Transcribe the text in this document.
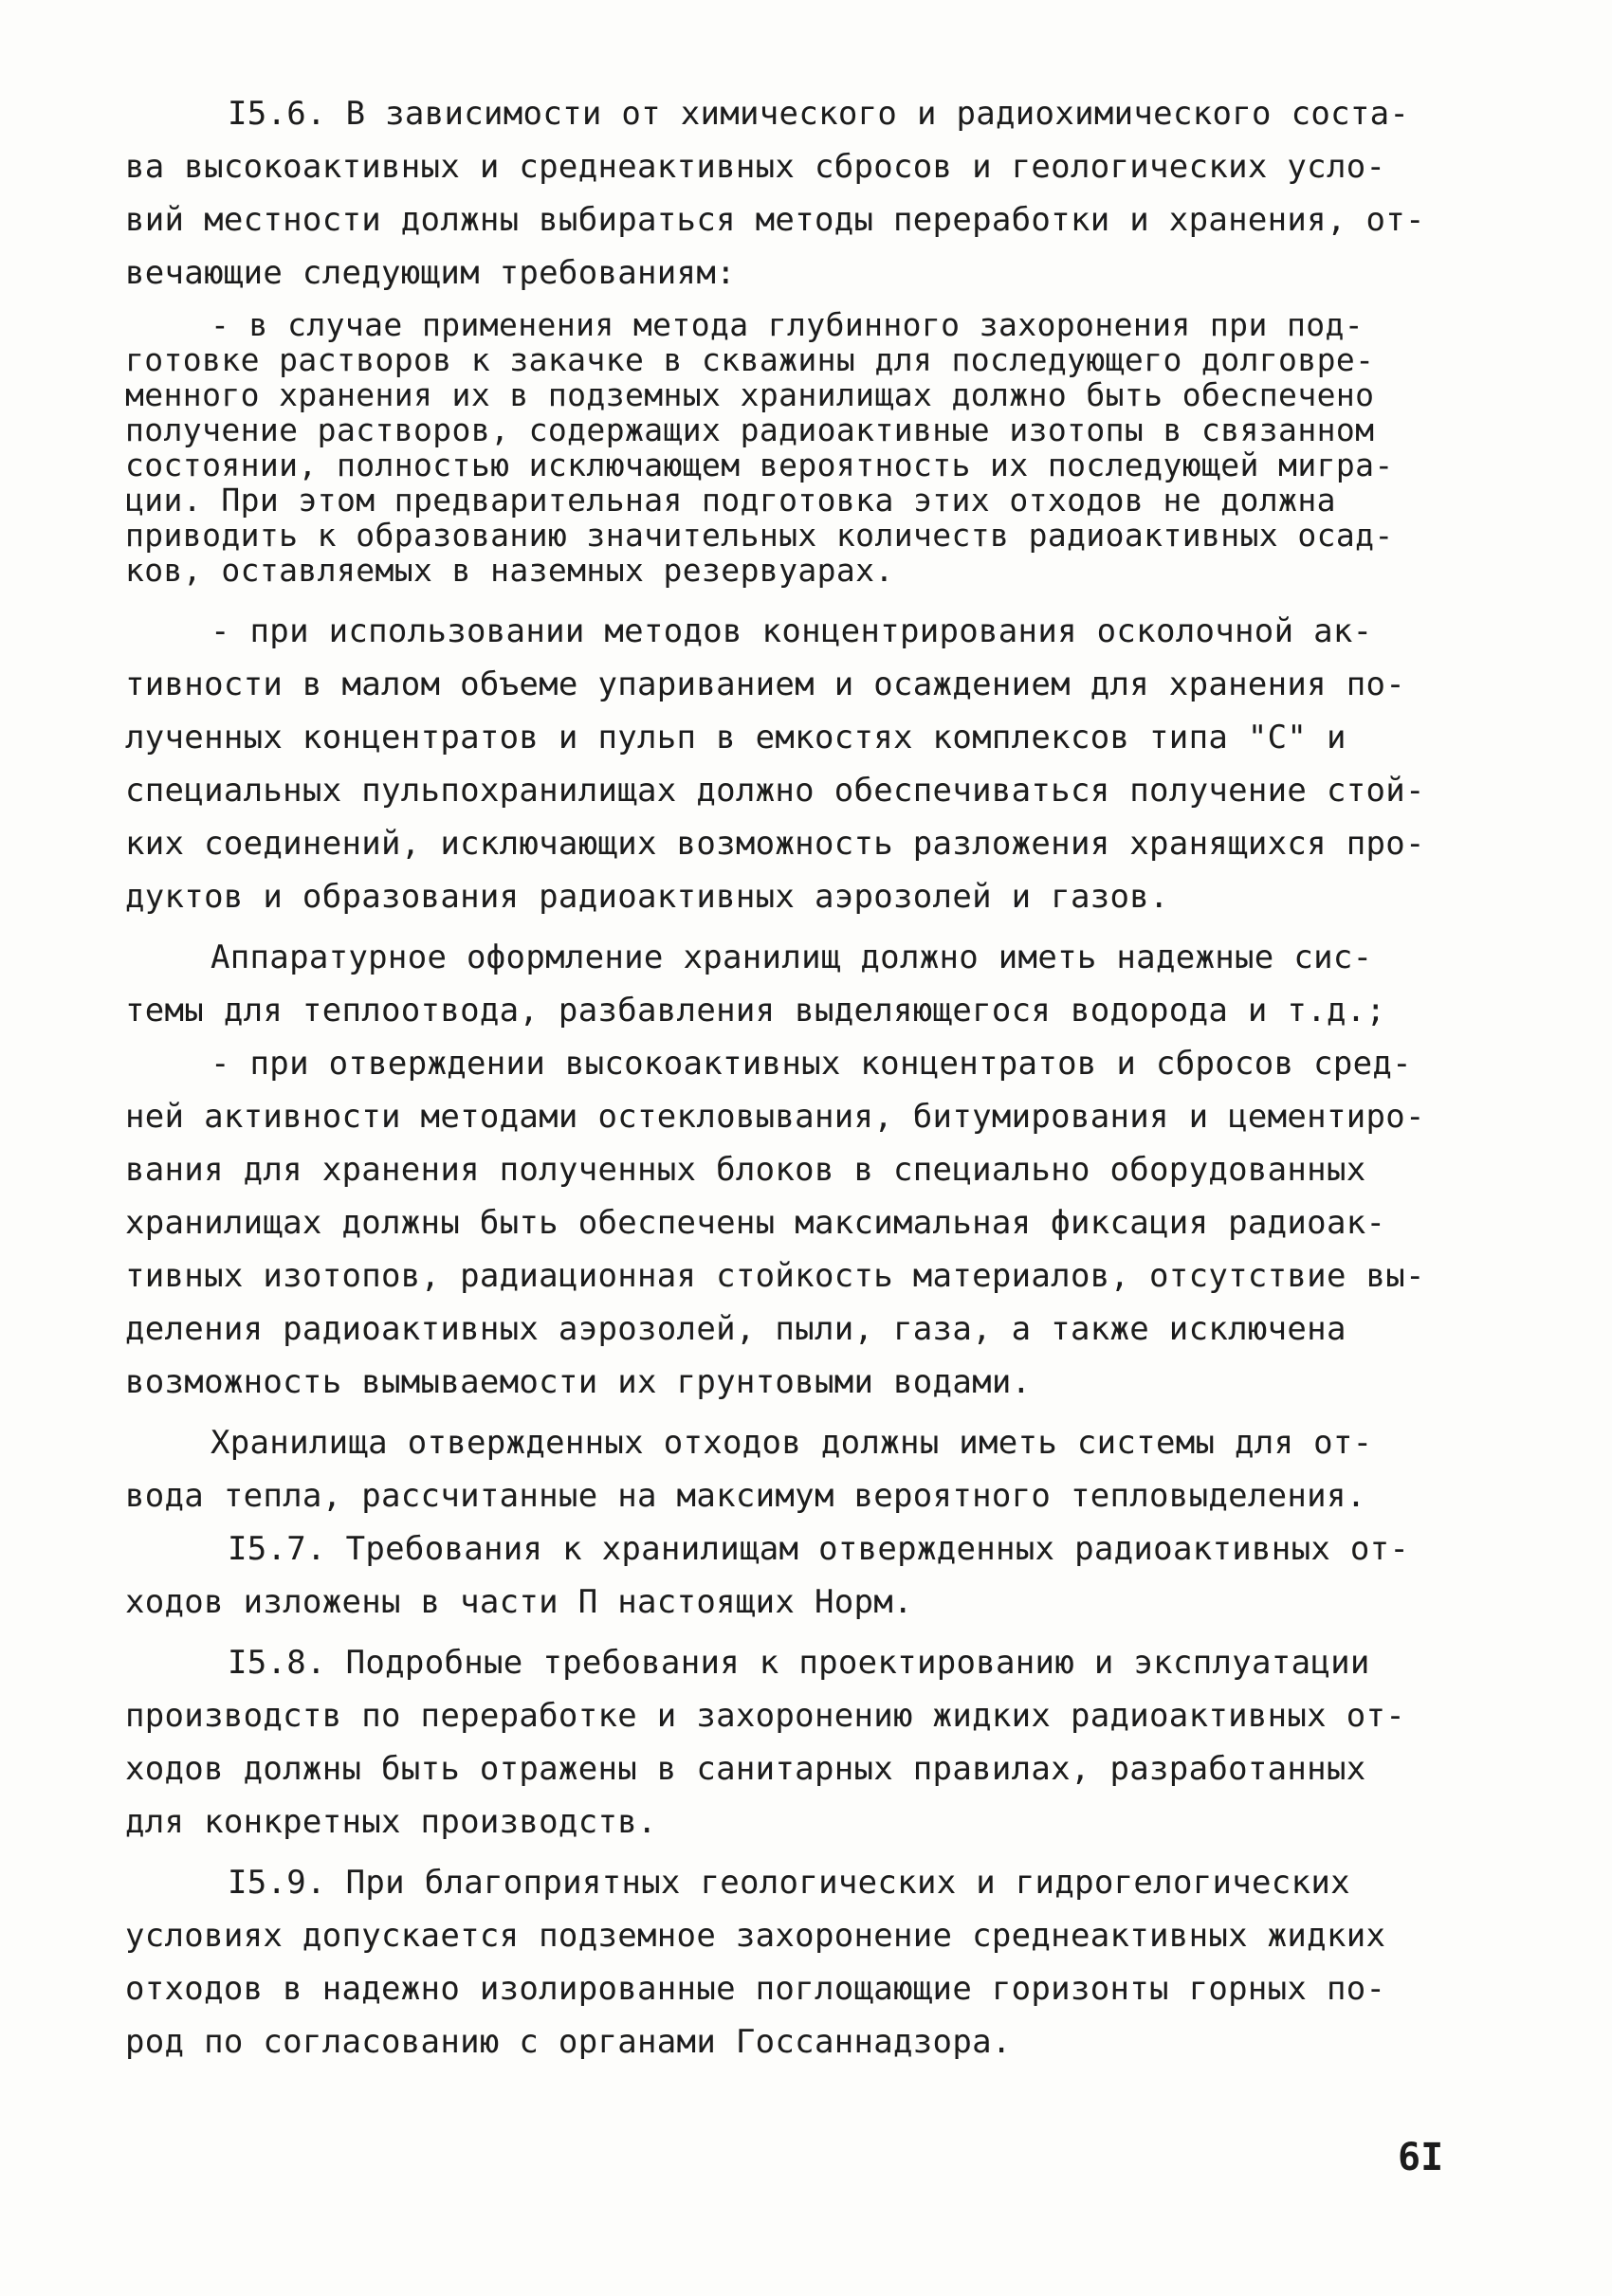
I5.6. В зависимости от химического и радиохимического соста-
ва высокоактивных и среднеактивных сбросов и геологических усло-
вий местности должны выбираться методы переработки и хранения, от-
вечающие следующим требованиям:

- в случае применения метода глубинного захоронения при под-
готовке растворов к закачке в скважины для последующего долговре-
менного хранения их в подземных хранилищах должно быть обеспечено
получение растворов, содержащих радиоактивные изотопы в связанном
состоянии, полностью исключающем вероятность их последующей мигра-
ции. При этом предварительная подготовка этих отходов не должна
приводить к образованию значительных количеств радиоактивных осад-
ков, оставляемых в наземных резервуарах.

- при использовании методов концентрирования осколочной ак-
тивности в малом объеме упариванием и осаждением для хранения по-
лученных концентратов и пульп в емкостях комплексов типа "С" и
специальных пульпохранилищах должно обеспечиваться получение стой-
ких соединений, исключающих возможность разложения хранящихся про-
дуктов и образования радиоактивных аэрозолей и газов.

Аппаратурное оформление хранилищ должно иметь надежные сис-
темы для теплоотвода, разбавления выделяющегося водорода и т.д.;

- при отверждении высокоактивных концентратов и сбросов сред-
ней активности методами остекловывания, битумирования и цементиро-
вания для хранения полученных блоков в специально оборудованных
хранилищах должны быть обеспечены максимальная фиксация радиоак-
тивных изотопов, радиационная стойкость материалов, отсутствие вы-
деления радиоактивных аэрозолей, пыли, газа, а также исключена
возможность вымываемости их грунтовыми водами.

Хранилища отвержденных отходов должны иметь системы для от-
вода тепла, рассчитанные на максимум вероятного тепловыделения.

I5.7. Требования к хранилищам отвержденных радиоактивных от-
ходов изложены в части П настоящих Норм.

I5.8. Подробные требования к проектированию и эксплуатации
производств по переработке и захоронению жидких радиоактивных от-
ходов должны быть отражены в санитарных правилах, разработанных
для конкретных производств.

I5.9. При благоприятных геологических и гидрогелогических
условиях допускается подземное захоронение среднеактивных жидких
отходов в надежно изолированные поглощающие горизонты горных по-
род по согласованию с органами Госсаннадзора.

6I
